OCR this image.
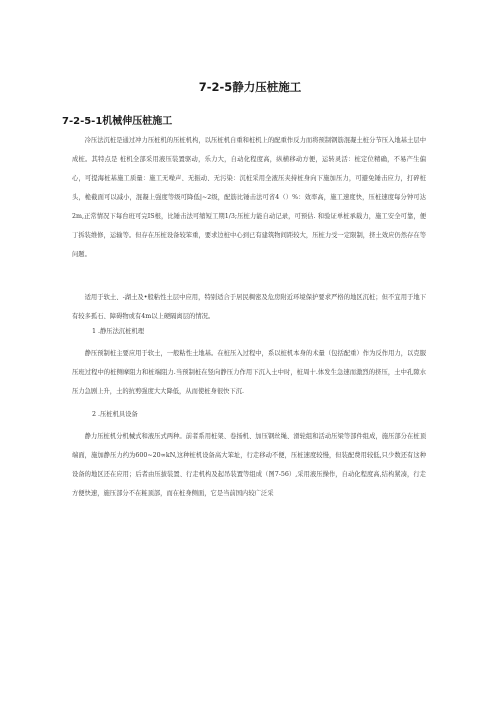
7-2-5静力压桩施工
7-2-5-1机械伸压桩施工

冷压法沉桩是通过冲力压桩机的压桩机构，以压桩机自重和桩机上的配重作反力而将预制钢筋混凝土桩分节压入地基土层中成桩。其特点是 桩机全部采用液压装置驱动，乐力大，自动化程度高，纵横移动方便，运转灵活：桩定位精确，不易产生偏心，可提海桩基施工质量：施工无噪声、无振动、无污染：沉桩采用全液压夹持桩身向下施加压力，可避免锤击应力，打碎桩头，桅截面可以减小，混凝上强度等级可降低|~2级，配筋比锤击法可省4（）%：效率高，施工速度快，压桩速度每分钟可达2m,正常情况下每台班可完IS根，比锤击法可缩短工期1/3;压桩力能自动记录，可预估. 和验证单桩承载力，施工安全可靠，便丁拆装维修，运输等。但存在压桩设备较笨重，要求边桩中心到已有建筑物间距较大，压桩力受一定限制，挤土效应仍然存在等问题。

适用于软土、-湖土及•般粘性土层中应用，特别适合于居民稠密及危房附近环境保护要求严格的地区沉桩；但不宜用于地下有较多孤石、障碍物或有4m以上硬隔离层的情况。

1 .静压法沉桩机理

静压预制桩主要应用于软土，一般粘性土地基。在桩压入过程中，系以桩机本身的术量（包括配重）作为反作用力，以克服压班过程中的桩侧摩阻力和桩端阻力.当预制桩在竖向静压力作用下沉入土中时，桩周十.体发生急速而激烈的挤压，土中孔隙水压力急剧上升，土的抗剪强度大大降低，从而使桩身很快下沉.

2 .压桩机具设备

静力压桩机分机械式和液压式两种。前者系用桩架、卷扬机、加压钢丝绳、滑轮组和活动压梁等部件组成，施压部分在桩顶端面，施加静压力约为600~20∞kN,这种桩机设备高大笨址，行走移动不便，压桩速度较慢，但装配费用较低,只少数还有这种设备的地区还在应用；后者由压拔装置、行走机构及起吊装置等组成（图7-56）,采用液压操作，自动化程度高,结构紧凑，行走方便快速，施压部分不在粧顶部，而在桩身侧面，它是当前国内较广泛采
